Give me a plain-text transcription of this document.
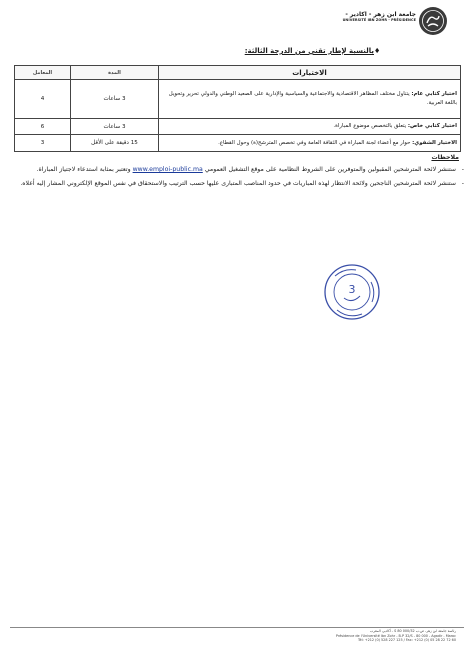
جامعة ابن زهر - اكادير -
UNIVERSITÉ IBN ZOHR - PRÉSIDENCE
♦
بالنسبة لإطار تقني من الدرجة الثالثة:
الاختبارات	المدة	المعامل
اختبار كتابي عام: يتناول مختلف المظاهر الاقتصادية والاجتماعية والسياسية والإدارية على الصعيد الوطني والدولي تحرير وتحويل باللغة العربية.	3 ساعات	4
اختبار كتابي خاص: يتعلق بالتخصص موضوع المباراة.	3 ساعات	6
الاختبار الشفوي: حوار مع أعضاء لجنة المباراة في الثقافة العامة وفي تخصص المترشح(ة) وحول القطاع.	15 دقيقة على الأقل	3
ملاحظات
- ستنشر لائحة المترشحين المقبولين والمتوفرين على الشروط النظامية على موقع التشغيل العمومي www.emploi-public.ma وتعتبر بمثابة استدعاء لاجتياز المباراة.
- ستنشر لائحة المترشحين الناجحين ولائحة الانتظار لهذه المباريات في حدود المناصب المتبارى عليها حسب الترتيب والاستحقاق في نفس الموقع الإلكتروني المشار إليه أعلاه.
3
رئاسة جامعة ابن زهر، ص.ب 32/S 80 000 - أكادير، المغرب
Présidence de l'Université Ibn Zohr - B.P 32/S - 80 000 - Agadir - Maroc
Tél: +212 (0) 528 227 125 / Fax: +212 (0) 05 28 22 72 60
